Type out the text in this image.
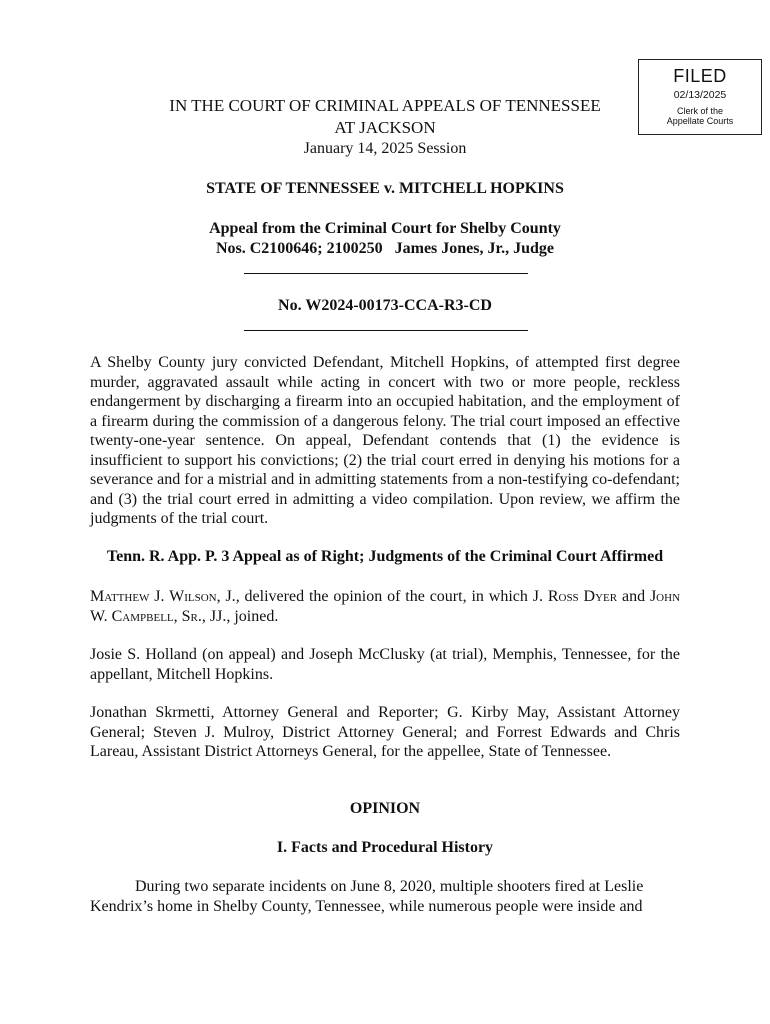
FILED
02/13/2025
Clerk of the
Appellate Courts
IN THE COURT OF CRIMINAL APPEALS OF TENNESSEE
AT JACKSON
January 14, 2025 Session
STATE OF TENNESSEE v. MITCHELL HOPKINS
Appeal from the Criminal Court for Shelby County
Nos. C2100646; 2100250   James Jones, Jr., Judge
No. W2024-00173-CCA-R3-CD
A Shelby County jury convicted Defendant, Mitchell Hopkins, of attempted first degree murder, aggravated assault while acting in concert with two or more people, reckless endangerment by discharging a firearm into an occupied habitation, and the employment of a firearm during the commission of a dangerous felony. The trial court imposed an effective twenty-one-year sentence. On appeal, Defendant contends that (1) the evidence is insufficient to support his convictions; (2) the trial court erred in denying his motions for a severance and for a mistrial and in admitting statements from a non-testifying co-defendant; and (3) the trial court erred in admitting a video compilation. Upon review, we affirm the judgments of the trial court.
Tenn. R. App. P. 3 Appeal as of Right; Judgments of the Criminal Court Affirmed
Matthew J. Wilson, J., delivered the opinion of the court, in which J. Ross Dyer and John W. Campbell, Sr., JJ., joined.
Josie S. Holland (on appeal) and Joseph McClusky (at trial), Memphis, Tennessee, for the appellant, Mitchell Hopkins.
Jonathan Skrmetti, Attorney General and Reporter; G. Kirby May, Assistant Attorney General; Steven J. Mulroy, District Attorney General; and Forrest Edwards and Chris Lareau, Assistant District Attorneys General, for the appellee, State of Tennessee.
OPINION
I. Facts and Procedural History
During two separate incidents on June 8, 2020, multiple shooters fired at Leslie
Kendrix’s home in Shelby County, Tennessee, while numerous people were inside and
